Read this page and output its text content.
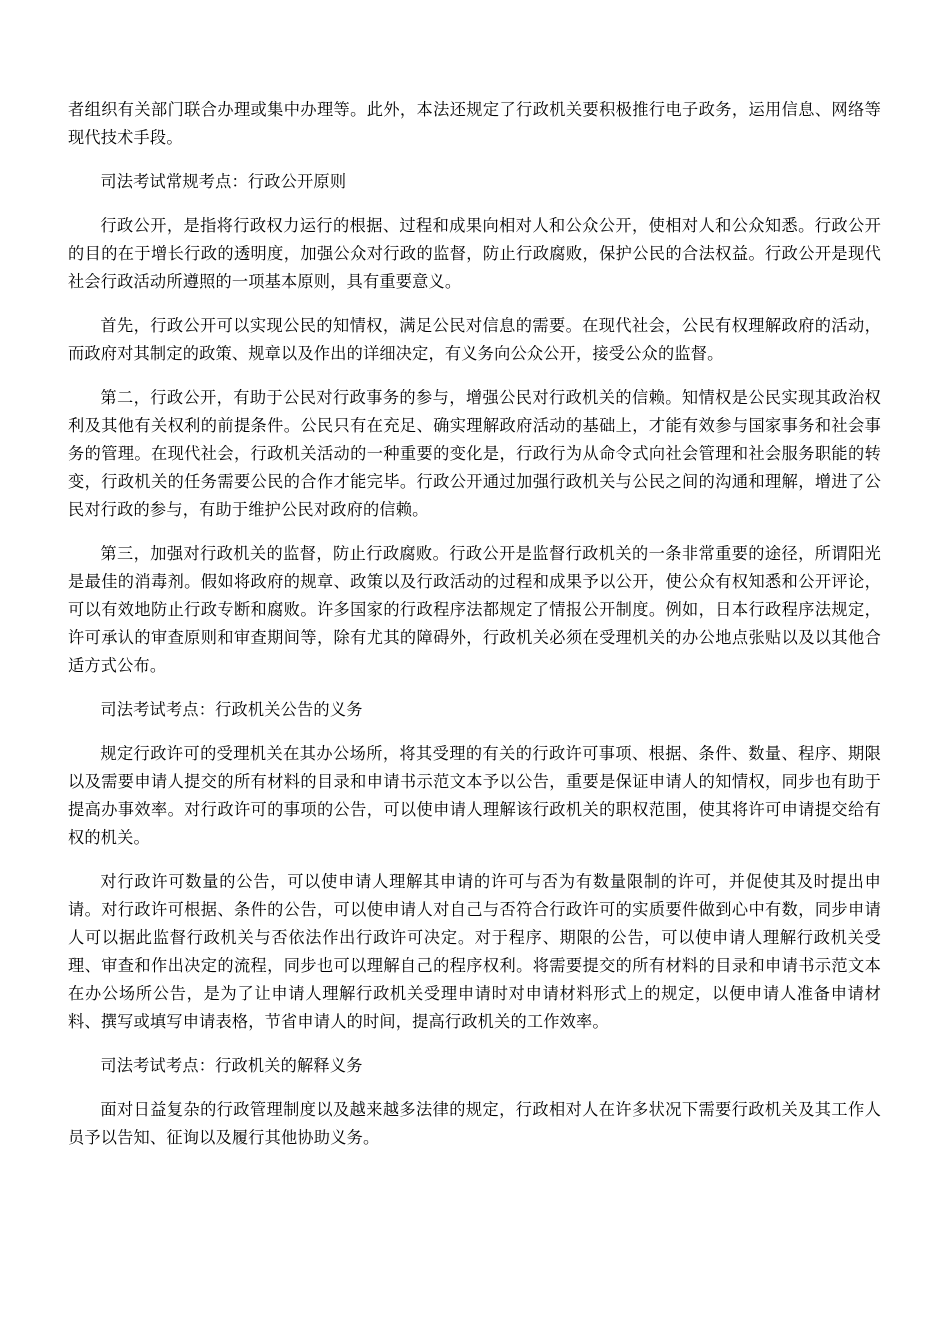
者组织有关部门联合办理或集中办理等。此外，本法还规定了行政机关要积极推行电子政务，运用信息、网络等现代技术手段。

司法考试常规考点：行政公开原则

行政公开，是指将行政权力运行的根据、过程和成果向相对人和公众公开，使相对人和公众知悉。行政公开的目的在于增长行政的透明度，加强公众对行政的监督，防止行政腐败，保护公民的合法权益。行政公开是现代社会行政活动所遵照的一项基本原则，具有重要意义。

首先，行政公开可以实现公民的知情权，满足公民对信息的需要。在现代社会，公民有权理解政府的活动，而政府对其制定的政策、规章以及作出的详细决定，有义务向公众公开，接受公众的监督。

第二，行政公开，有助于公民对行政事务的参与，增强公民对行政机关的信赖。知情权是公民实现其政治权利及其他有关权利的前提条件。公民只有在充足、确实理解政府活动的基础上，才能有效参与国家事务和社会事务的管理。在现代社会，行政机关活动的一种重要的变化是，行政行为从命令式向社会管理和社会服务职能的转变，行政机关的任务需要公民的合作才能完毕。行政公开通过加强行政机关与公民之间的沟通和理解，增进了公民对行政的参与，有助于维护公民对政府的信赖。

第三，加强对行政机关的监督，防止行政腐败。行政公开是监督行政机关的一条非常重要的途径，所谓阳光是最佳的消毒剂。假如将政府的规章、政策以及行政活动的过程和成果予以公开，使公众有权知悉和公开评论，可以有效地防止行政专断和腐败。许多国家的行政程序法都规定了情报公开制度。例如，日本行政程序法规定，许可承认的审查原则和审查期间等，除有尤其的障碍外，行政机关必须在受理机关的办公地点张贴以及以其他合适方式公布。

司法考试考点：行政机关公告的义务

规定行政许可的受理机关在其办公场所，将其受理的有关的行政许可事项、根据、条件、数量、程序、期限以及需要申请人提交的所有材料的目录和申请书示范文本予以公告，重要是保证申请人的知情权，同步也有助于提高办事效率。对行政许可的事项的公告，可以使申请人理解该行政机关的职权范围，使其将许可申请提交给有权的机关。

对行政许可数量的公告，可以使申请人理解其申请的许可与否为有数量限制的许可，并促使其及时提出申请。对行政许可根据、条件的公告，可以使申请人对自己与否符合行政许可的实质要件做到心中有数，同步申请人可以据此监督行政机关与否依法作出行政许可决定。对于程序、期限的公告，可以使申请人理解行政机关受理、审查和作出决定的流程，同步也可以理解自己的程序权利。将需要提交的所有材料的目录和申请书示范文本在办公场所公告，是为了让申请人理解行政机关受理申请时对申请材料形式上的规定，以便申请人准备申请材料、撰写或填写申请表格，节省申请人的时间，提高行政机关的工作效率。

司法考试考点：行政机关的解释义务

面对日益复杂的行政管理制度以及越来越多法律的规定，行政相对人在许多状况下需要行政机关及其工作人员予以告知、征询以及履行其他协助义务。
